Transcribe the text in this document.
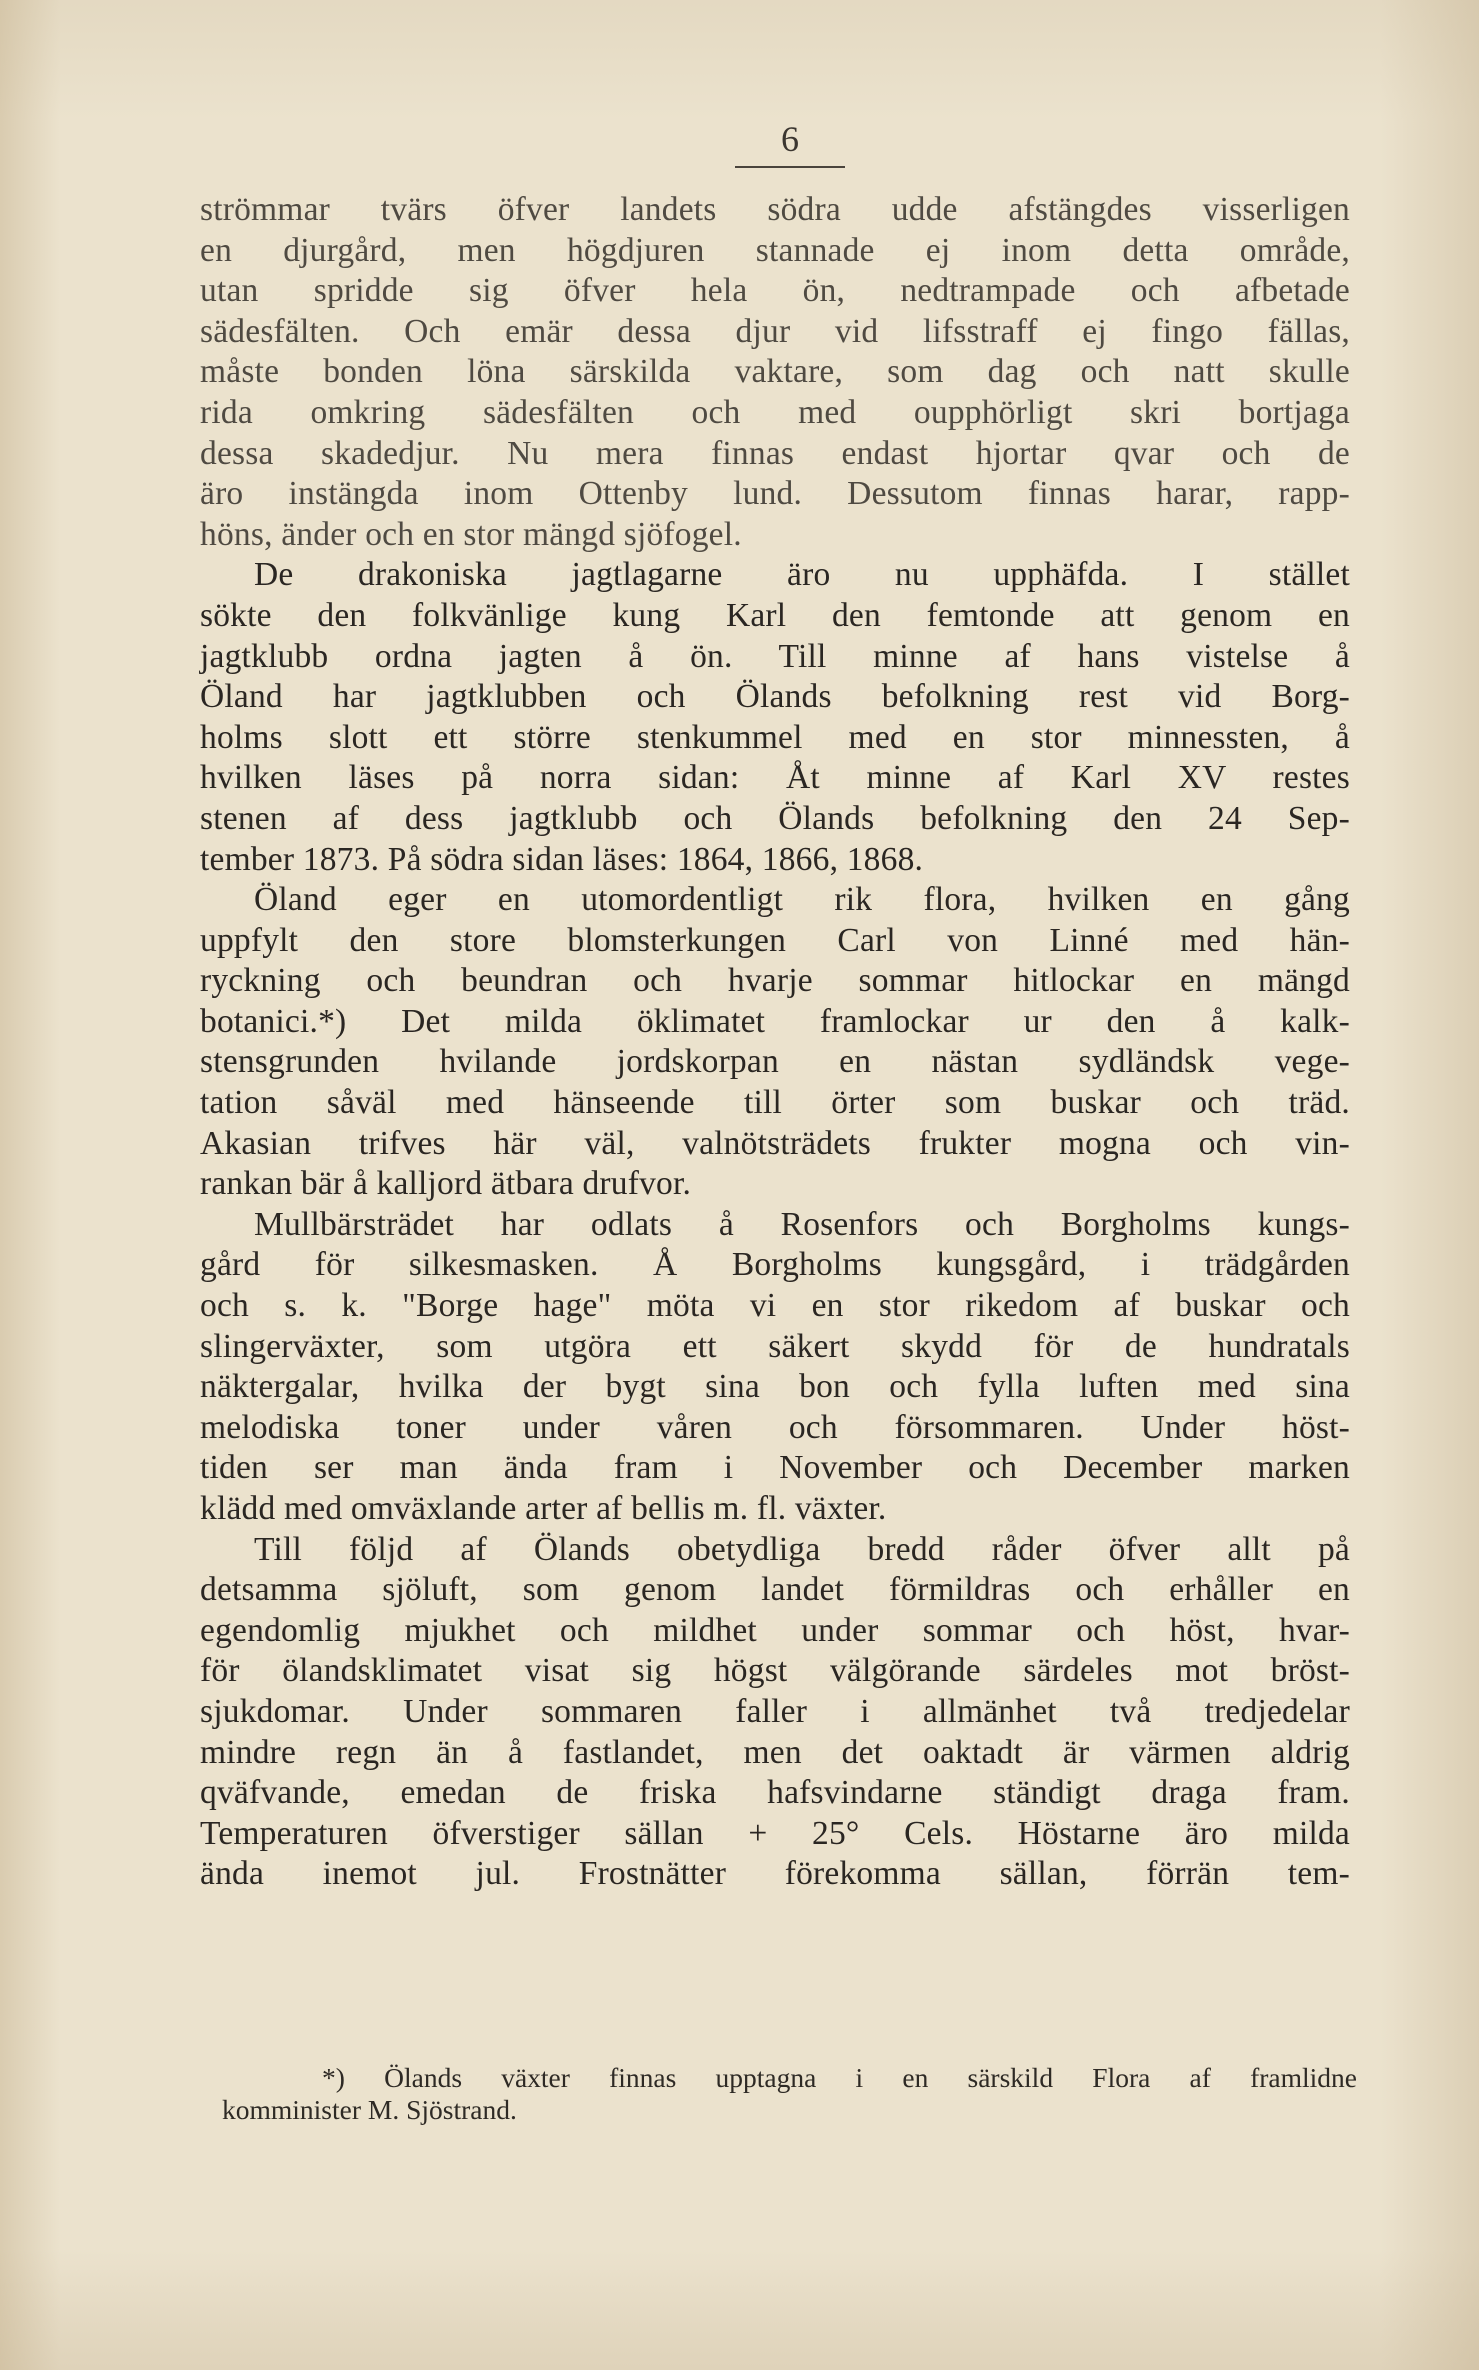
6
strömmar tvärs öfver landets södra udde afstängdes visserligen
en djurgård, men högdjuren stannade ej inom detta område,
utan spridde sig öfver hela ön, nedtrampade och afbetade
sädesfälten. Och emär dessa djur vid lifsstraff ej fingo fällas,
måste bonden löna särskilda vaktare, som dag och natt skulle
rida omkring sädesfälten och med oupphörligt skri bortjaga
dessa skadedjur. Nu mera finnas endast hjortar qvar och de
äro instängda inom Ottenby lund. Dessutom finnas harar, rapp-
höns, änder och en stor mängd sjöfogel.
De drakoniska jagtlagarne äro nu upphäfda. I stället
sökte den folkvänlige kung Karl den femtonde att genom en
jagtklubb ordna jagten å ön. Till minne af hans vistelse å
Öland har jagtklubben och Ölands befolkning rest vid Borg-
holms slott ett större stenkummel med en stor minnessten, å
hvilken läses på norra sidan: Åt minne af Karl XV restes
stenen af dess jagtklubb och Ölands befolkning den 24 Sep-
tember 1873. På södra sidan läses: 1864, 1866, 1868.
Öland eger en utomordentligt rik flora, hvilken en gång
uppfylt den store blomsterkungen Carl von Linné med hän-
ryckning och beundran och hvarje sommar hitlockar en mängd
botanici.*) Det milda öklimatet framlockar ur den å kalk-
stensgrunden hvilande jordskorpan en nästan sydländsk vege-
tation såväl med hänseende till örter som buskar och träd.
Akasian trifves här väl, valnötsträdets frukter mogna och vin-
rankan bär å kalljord ätbara drufvor.
Mullbärsträdet har odlats å Rosenfors och Borgholms kungs-
gård för silkesmasken. Å Borgholms kungsgård, i trädgården
och s. k. "Borge hage" möta vi en stor rikedom af buskar och
slingerväxter, som utgöra ett säkert skydd för de hundratals
näktergalar, hvilka der bygt sina bon och fylla luften med sina
melodiska toner under våren och försommaren. Under höst-
tiden ser man ända fram i November och December marken
klädd med omväxlande arter af bellis m. fl. växter.
Till följd af Ölands obetydliga bredd råder öfver allt på
detsamma sjöluft, som genom landet förmildras och erhåller en
egendomlig mjukhet och mildhet under sommar och höst, hvar-
för ölandsklimatet visat sig högst välgörande särdeles mot bröst-
sjukdomar. Under sommaren faller i allmänhet två tredjedelar
mindre regn än å fastlandet, men det oaktadt är värmen aldrig
qväfvande, emedan de friska hafsvindarne ständigt draga fram.
Temperaturen öfverstiger sällan + 25° Cels. Höstarne äro milda
ända inemot jul. Frostnätter förekomma sällan, förrän tem-
*) Ölands växter finnas upptagna i en särskild Flora af framlidne
komminister M. Sjöstrand.
